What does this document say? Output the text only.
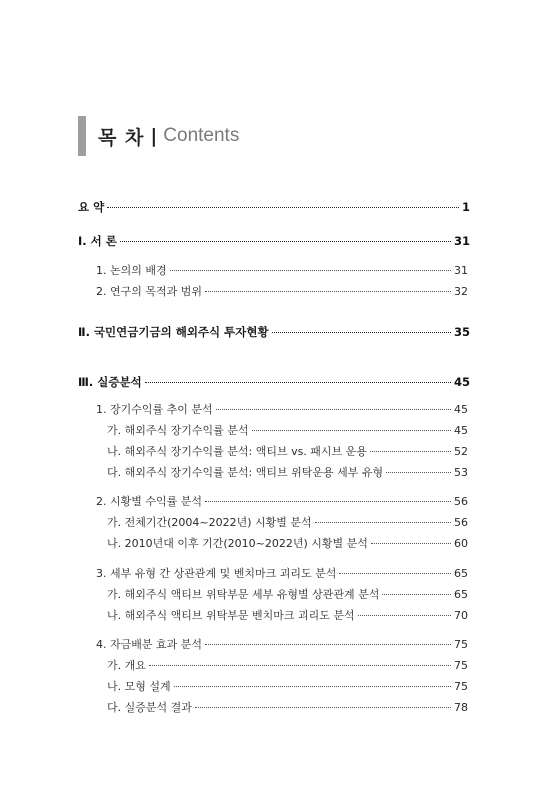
목 차 | Contents
요 약	1
Ⅰ. 서 론	31
1. 논의의 배경	31
2. 연구의 목적과 범위	32
Ⅱ. 국민연금기금의 해외주식 투자현황	35
Ⅲ. 실증분석	45
1. 장기수익률 추이 분석	45
가. 해외주식 장기수익률 분석	45
나. 해외주식 장기수익률 분석: 액티브 vs. 패시브 운용	52
다. 해외주식 장기수익률 분석: 액티브 위탁운용 세부 유형	53
2. 시황별 수익률 분석	56
가. 전체기간(2004~2022년) 시황별 분석	56
나. 2010년대 이후 기간(2010~2022년) 시황별 분석	60
3. 세부 유형 간 상관관계 및 벤치마크 괴리도 분석	65
가. 해외주식 액티브 위탁부문 세부 유형별 상관관계 분석	65
나. 해외주식 액티브 위탁부문 벤치마크 괴리도 분석	70
4. 자금배분 효과 분석	75
가. 개요	75
나. 모형 설계	75
다. 실증분석 결과	78
